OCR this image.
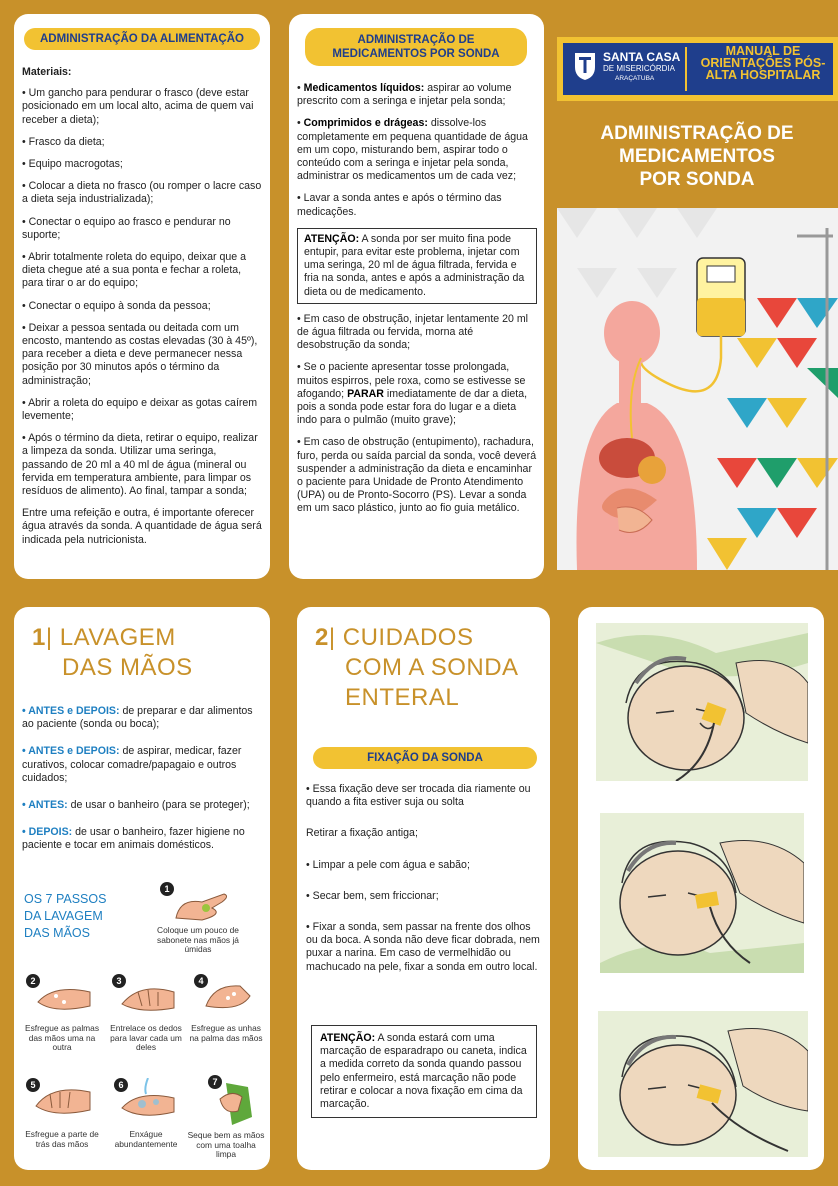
ADMINISTRAÇÃO DA ALIMENTAÇÃO

Materiais:

• Um gancho para pendurar o frasco (deve estar posicionado em um local alto, acima de quem vai receber a dieta);

• Frasco da dieta;

• Equipo macrogotas;

• Colocar a dieta no frasco (ou romper o lacre caso a dieta seja industrializada);

• Conectar o equipo ao frasco e pendurar no suporte;

• Abrir totalmente roleta do equipo, deixar que a dieta chegue até a sua ponta e fechar a roleta, para tirar o ar do equipo;

• Conectar o equipo à sonda da pessoa;

• Deixar a pessoa sentada ou deitada com um encosto, mantendo as costas elevadas (30 à 45º), para receber a dieta e deve permanecer nessa posição por 30 minutos após o término da administração;

• Abrir a roleta do equipo e deixar as gotas caírem levemente;

• Após o término da dieta, retirar o equipo, realizar a limpeza da sonda. Utilizar uma seringa, passando de 20 ml a 40 ml de água (mineral ou fervida em temperatura ambiente, para limpar os resíduos de alimento). Ao final, tampar a sonda;

Entre uma refeição e outra, é importante oferecer água através da sonda. A quantidade de água será indicada pela nutricionista.

ADMINISTRAÇÃO DE MEDICAMENTOS POR SONDA

• Medicamentos líquidos: aspirar ao volume prescrito com a seringa e injetar pela sonda;

• Comprimidos e drágeas: dissolve-los completamente em pequena quantidade de água em um copo, misturando bem, aspirar todo o conteúdo com a seringa e injetar pela sonda, administrar os medicamentos um de cada vez;

• Lavar a sonda antes e após o término das medicações.

ATENÇÃO: A sonda por ser muito fina pode entupir, para evitar este problema, injetar com uma seringa, 20 ml de água filtrada, fervida e fria na sonda, antes e após a administração da dieta ou de medicamento.

• Em caso de obstrução, injetar lentamente 20 ml de água filtrada ou fervida, morna até desobstrução da sonda;

• Se o paciente apresentar tosse prolongada, muitos espirros, pele roxa, como se estivesse se afogando; PARAR imediatamente de dar a dieta, pois a sonda pode estar fora do lugar e a dieta indo para o pulmão (muito grave);

• Em caso de obstrução (entupimento), rachadura, furo, perda ou saída parcial da sonda, você deverá suspender a administração da dieta e encaminhar o paciente para Unidade de Pronto Atendimento (UPA) ou de Pronto-Socorro (PS). Levar a sonda em um saco plástico, junto ao fio guia metálico.

SANTA CASA
DE MISERICÓRDIA
ARAÇATUBA
MANUAL DE ORIENTAÇÕES PÓS-ALTA HOSPITALAR
ADMINISTRAÇÃO DE MEDICAMENTOS POR SONDA
1| LAVAGEM
DAS MÃOS

• ANTES e DEPOIS: de preparar e dar alimentos ao paciente (sonda ou boca);

• ANTES e DEPOIS: de aspirar, medicar, fazer curativos, colocar comadre/papagaio e outros cuidados;

• ANTES: de usar o banheiro (para se proteger);

• DEPOIS: de usar o banheiro, fazer higiene no paciente e tocar em animais domésticos.

OS 7 PASSOS DA LAVAGEM DAS MÃOS
1
Coloque um pouco de sabonete nas mãos já úmidas
2
Esfregue as palmas das mãos uma na outra
3
Entrelace os dedos para lavar cada um deles
4
Esfregue as unhas na palma das mãos
5
Esfregue a parte de trás das mãos
6
Enxágue abundantemente
7
Seque bem as mãos com uma toalha limpa
2| CUIDADOS
COM A SONDA
ENTERAL
FIXAÇÃO DA SONDA

• Essa fixação deve ser trocada dia riamente ou quando a fita estiver suja ou solta

Retirar a fixação antiga;

• Limpar a pele com água e sabão;

• Secar bem, sem friccionar;

• Fixar a sonda, sem passar na frente dos olhos ou da boca. A sonda não deve ficar dobrada, nem puxar a narina. Em caso de vermelhidão ou machucado na pele, fixar a sonda em outro local.

ATENÇÃO: A sonda estará com uma marcação de esparadrapo ou caneta, indica a medida correto da sonda quando passou pelo enfermeiro, está marcação não pode retirar e colocar a nova fixação em cima da marcação.
